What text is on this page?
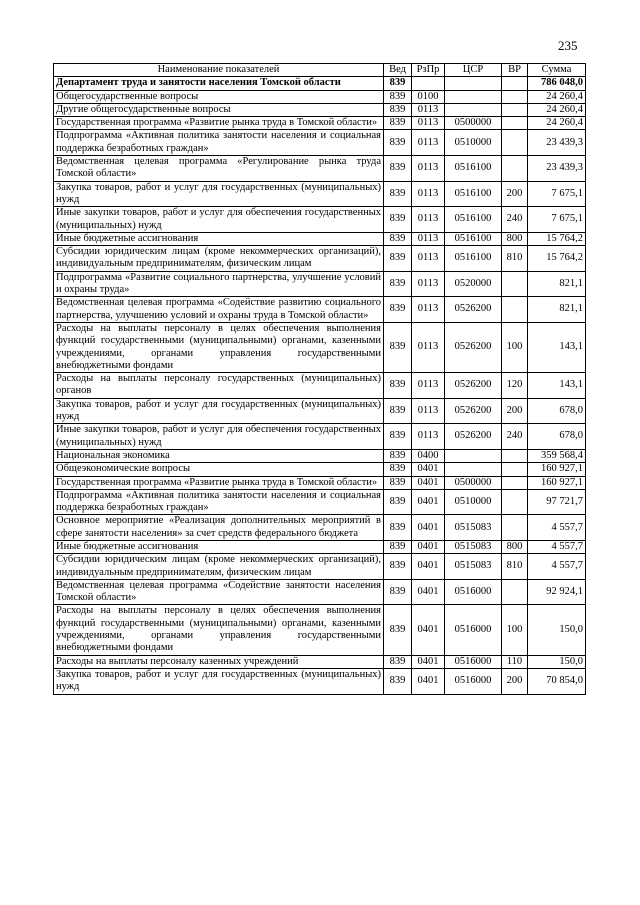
235
Наименование показателей	Вед	РзПр	ЦСР	ВР	Сумма
Департамент труда и занятости населения Томской области	839				786 048,0
Общегосударственные вопросы	839	0100			24 260,4
Другие общегосударственные вопросы	839	0113			24 260,4
Государственная программа «Развитие рынка труда в Томской области»	839	0113	0500000		24 260,4
Подпрограмма «Активная политика занятости населения и социальная поддержка безработных граждан»	839	0113	0510000		23 439,3
Ведомственная целевая программа «Регулирование рынка труда Томской области»	839	0113	0516100		23 439,3
Закупка товаров, работ и услуг для государственных (муниципальных) нужд	839	0113	0516100	200	7 675,1
Иные закупки товаров, работ и услуг для обеспечения государственных (муниципальных) нужд	839	0113	0516100	240	7 675,1
Иные бюджетные ассигнования	839	0113	0516100	800	15 764,2
Субсидии юридическим лицам (кроме некоммерческих организаций), индивидуальным предпринимателям, физическим лицам	839	0113	0516100	810	15 764,2
Подпрограмма «Развитие социального партнерства, улучшение условий и охраны труда»	839	0113	0520000		821,1
Ведомственная целевая программа «Содействие развитию социального партнерства, улучшению условий и охраны труда в Томской области»	839	0113	0526200		821,1
Расходы на выплаты персоналу в целях обеспечения выполнения функций государственными (муниципальными) органами, казенными учреждениями, органами управления государственными внебюджетными фондами	839	0113	0526200	100	143,1
Расходы на выплаты персоналу государственных (муниципальных) органов	839	0113	0526200	120	143,1
Закупка товаров, работ и услуг для государственных (муниципальных) нужд	839	0113	0526200	200	678,0
Иные закупки товаров, работ и услуг для обеспечения государственных (муниципальных) нужд	839	0113	0526200	240	678,0
Национальная экономика	839	0400			359 568,4
Общеэкономические вопросы	839	0401			160 927,1
Государственная программа «Развитие рынка труда в Томской области»	839	0401	0500000		160 927,1
Подпрограмма «Активная политика занятости населения и социальная поддержка безработных граждан»	839	0401	0510000		97 721,7
Основное мероприятие «Реализация дополнительных мероприятий в сфере занятости населения» за счет средств федерального бюджета	839	0401	0515083		4 557,7
Иные бюджетные ассигнования	839	0401	0515083	800	4 557,7
Субсидии юридическим лицам (кроме некоммерческих организаций), индивидуальным предпринимателям, физическим лицам	839	0401	0515083	810	4 557,7
Ведомственная целевая программа «Содействие занятости населения Томской области»	839	0401	0516000		92 924,1
Расходы на выплаты персоналу в целях обеспечения выполнения функций государственными (муниципальными) органами, казенными учреждениями, органами управления государственными внебюджетными фондами	839	0401	0516000	100	150,0
Расходы на выплаты персоналу казенных учреждений	839	0401	0516000	110	150,0
Закупка товаров, работ и услуг для государственных (муниципальных) нужд	839	0401	0516000	200	70 854,0
